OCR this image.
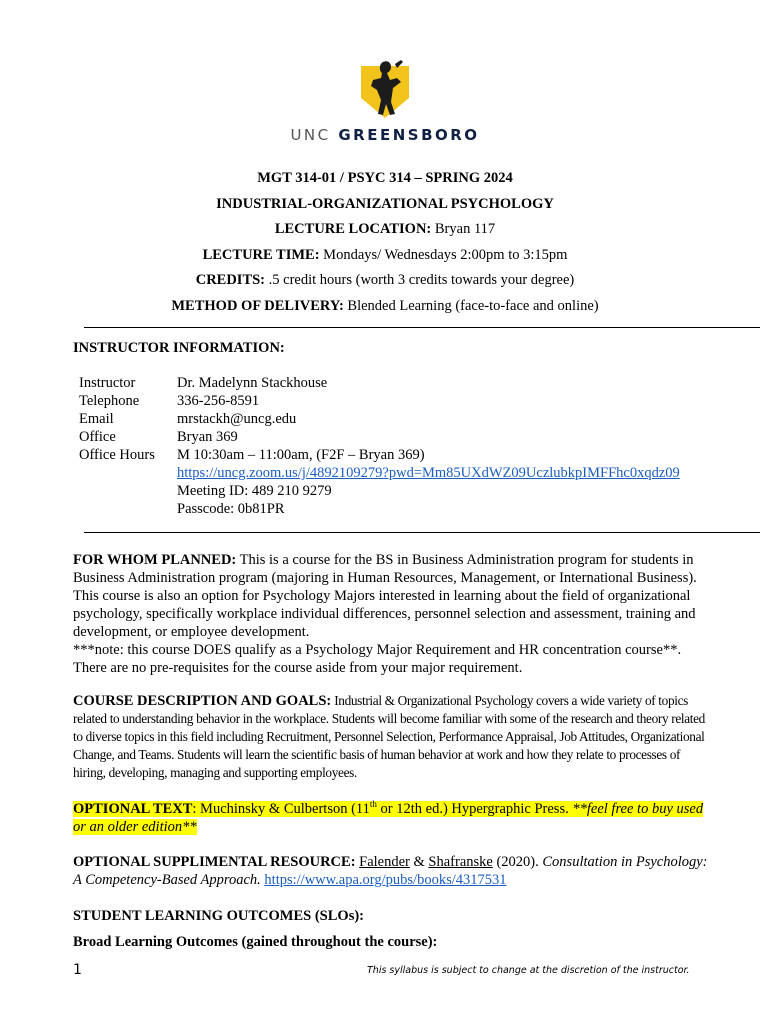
UNC GREENSBORO
MGT 314-01 / PSYC 314 – SPRING 2024
INDUSTRIAL-ORGANIZATIONAL PSYCHOLOGY
LECTURE LOCATION: Bryan 117
LECTURE TIME: Mondays/ Wednesdays 2:00pm to 3:15pm
CREDITS: .5 credit hours (worth 3 credits towards your degree)
METHOD OF DELIVERY: Blended Learning (face-to-face and online)
INSTRUCTOR INFORMATION:
Instructor	Dr. Madelynn Stackhouse
Telephone	336-256-8591
Email	mrstackh@uncg.edu
Office	Bryan 369
Office Hours	M 10:30am – 11:00am, (F2F – Bryan 369)
	https://uncg.zoom.us/j/4892109279?pwd=Mm85UXdWZ09UczlubkpIMFFhc0xqdz09
	Meeting ID: 489 210 9279
	Passcode: 0b81PR
FOR WHOM PLANNED: This is a course for the BS in Business Administration program for students in Business Administration program (majoring in Human Resources, Management, or International Business). This course is also an option for Psychology Majors interested in learning about the field of organizational psychology, specifically workplace individual differences, personnel selection and assessment, training and development, or employee development.
***note: this course DOES qualify as a Psychology Major Requirement and HR concentration course**. There are no pre-requisites for the course aside from your major requirement.
COURSE DESCRIPTION AND GOALS: Industrial & Organizational Psychology covers a wide variety of topics related to understanding behavior in the workplace. Students will become familiar with some of the research and theory related to diverse topics in this field including Recruitment, Personnel Selection, Performance Appraisal, Job Attitudes, Organizational Change, and Teams. Students will learn the scientific basis of human behavior at work and how they relate to processes of hiring, developing, managing and supporting employees.
OPTIONAL TEXT: Muchinsky & Culbertson (11th or 12th ed.) Hypergraphic Press. **feel free to buy used or an older edition**
OPTIONAL SUPPLIMENTAL RESOURCE: Falender & Shafranske (2020). Consultation in Psychology: A Competency-Based Approach. https://www.apa.org/pubs/books/4317531
STUDENT LEARNING OUTCOMES (SLOs):
Broad Learning Outcomes (gained throughout the course):
1	This syllabus is subject to change at the discretion of the instructor.
